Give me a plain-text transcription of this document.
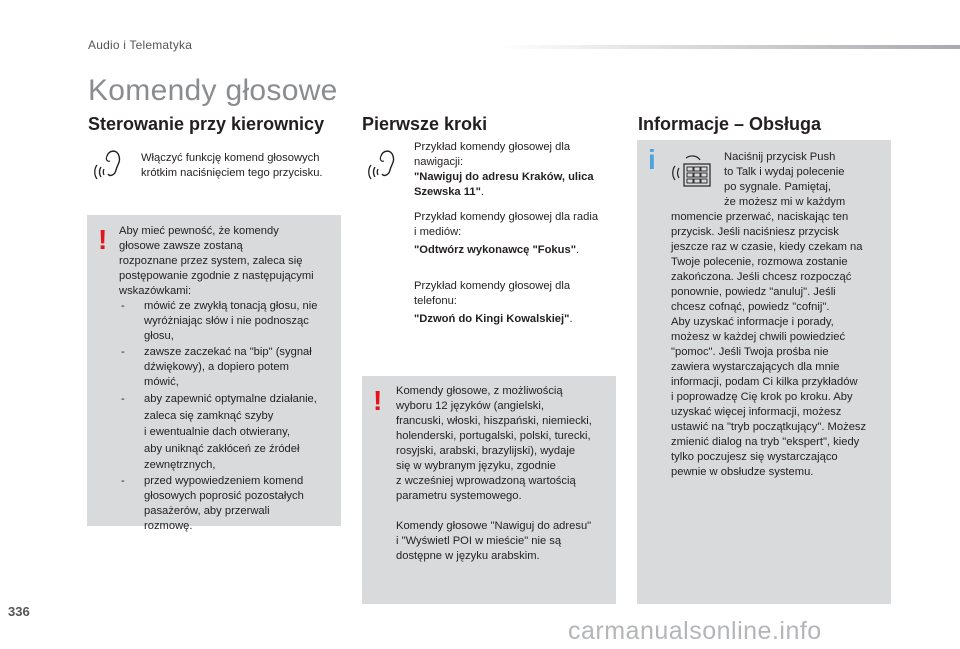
Audio i Telematyka
Komendy głosowe
Sterowanie przy kierownicy
Włączyć funkcję komend głosowych
krótkim naciśnięciem tego przycisku.
! Aby mieć pewność, że komendy
głosowe zawsze zostaną
rozpoznane przez system, zaleca się
postępowanie zgodnie z następującymi
wskazówkami:
- mówić ze zwykłą tonacją głosu, nie
wyróżniając słów i nie podnosząc
głosu,
- zawsze zaczekać na "bip" (sygnał
dźwiękowy), a dopiero potem
mówić,
- aby zapewnić optymalne działanie,
zaleca się zamknąć szyby
i ewentualnie dach otwierany,
aby uniknąć zakłóceń ze źródeł
zewnętrznych,
- przed wypowiedzeniem komend
głosowych poprosić pozostałych
pasażerów, aby przerwali
rozmowę.
Pierwsze kroki
Przykład komendy głosowej dla
nawigacji:
"Nawiguj do adresu Kraków, ulica
Szewska 11".
Przykład komendy głosowej dla radia
i mediów:
"Odtwórz wykonawcę "Fokus".
Przykład komendy głosowej dla
telefonu:
"Dzwoń do Kingi Kowalskiej".
! Komendy głosowe, z możliwością
wyboru 12 języków (angielski,
francuski, włoski, hiszpański, niemiecki,
holenderski, portugalski, polski, turecki,
rosyjski, arabski, brazylijski), wydaje
się w wybranym języku, zgodnie
z wcześniej wprowadzoną wartością
parametru systemowego.
Komendy głosowe "Nawiguj do adresu"
i "Wyświetl POI w mieście" nie są
dostępne w języku arabskim.
Informacje – Obsługa
i	Naciśnij przycisk Push
to Talk i wydaj polecenie
po sygnale. Pamiętaj,
że możesz mi w każdym
momencie przerwać, naciskając ten
przycisk. Jeśli naciśniesz przycisk
jeszcze raz w czasie, kiedy czekam na
Twoje polecenie, rozmowa zostanie
zakończona. Jeśli chcesz rozpocząć
ponownie, powiedz "anuluj". Jeśli
chcesz cofnąć, powiedz "cofnij".
Aby uzyskać informacje i porady,
możesz w każdej chwili powiedzieć
"pomoc". Jeśli Twoja prośba nie
zawiera wystarczających dla mnie
informacji, podam Ci kilka przykładów
i poprowadzę Cię krok po kroku. Aby
uzyskać więcej informacji, możesz
ustawić na "tryb początkujący". Możesz
zmienić dialog na tryb "ekspert", kiedy
tylko poczujesz się wystarczająco
pewnie w obsłudze systemu.
336
carmanualsonline.info
